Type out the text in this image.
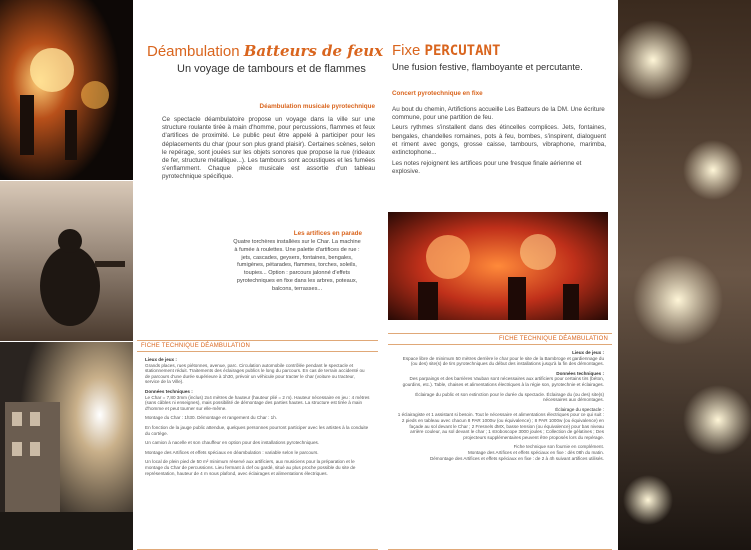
Déambulation Batteurs de feux
Un voyage de tambours et de flammes
Déambulation musicale pyrotechnique
Ce spectacle déambulatoire propose un voyage dans la ville sur une structure roulante tirée à main d'homme, pour percussions, flammes et feux d'artifices de proximité. Le public peut être appelé à participer pour les déplacements du char (pour son plus grand plaisir). Certaines scènes, selon le repérage, sont jouées sur les objets sonores que propose la rue (rideaux de fer, structure métallique...). Les tambours sont acoustiques et les fumées s'enflamment. Chaque pièce musicale est assortie d'un tableau pyrotechnique spécifique.
Les artifices en parade
Quatre torchères installées sur le Char. La machine à fumée à roulettes. Une palette d'artifices de rue : jets, cascades, geysers, fontaines, bengales, fumigènes, pétarades, flammes, torches, soleils, toupies... Option : parcours jalonné d'effets pyrotechniques en fixe dans les arbres, poteaux, balcons, terrasses...
FICHE TECHNIQUE DÉAMBULATION
Lieux de jeux :
Grands places, rues piétonnes, avenue, parc. Circulation automobile contrôlée pendant le spectacle et stationnement réduit. Traitements des éclairages publics le long du parcours. En cas de terrain accidenté ou de parcours d'une durée supérieure à 1h30, prévoir un véhicule pour tracter le char (voiture ou tracteur, service de la Ville).
Données techniques :
Le Char = 7,80 3mm (inclus) 2x4 mètres de hauteur (hauteur plié = 2 m). Hauteur nécessaire en jeu : 4 mètres (sans câbles ni enseignes), mais possibilité de démontage des parties hautes. La structure est tirée à main d'homme et peut tourner sur elle-même.
Montage du Char : 1h30. Démontage et rangement du Char : 1h.
En fonction de la jauge public attendue, quelques personnes pourront participer avec les artistes à la conduite du cortège.
Un camion à nacelle et son chauffeur en option pour des installations pyrotechniques.
Montage des Artifices et effets spéciaux en déambulation : variable selon le parcours.
Un local de plein pied de 50 m² minimum réservé aux artificiers, aux musiciens pour la préparation et le montage du Char de percussions. Lieu fermant à clef ou gardé, situé au plus proche possible du site de représentation, hauteur de 4 m sous plafond, avec éclairages et alimentations électriques.
Fixe PERCUTANT
Une fusion festive, flamboyante et percutante.
Concert pyrotechnique en fixe
Au bout du chemin, Artifictions accueille Les Batteurs de la DM. Une écriture commune, pour une partition de feu.
Leurs rythmes s'installent dans des étincelles complices. Jets, fontaines, bengales, chandelles romaines, pots à feu, bombes, s'inspirent, dialoguent et riment avec gongs, grosse caisse, tambours, vibraphone, marimba, extinctophone...
Les notes rejoignent les artifices pour une fresque finale aérienne et explosive.
FICHE TECHNIQUE DÉAMBULATION
Lieux de jeux :
Espace libre de minimum 50 mètres derrière le char pour le site de la Bambroge et gardiennage du (ou des) site(s) de tirs pyrotechniques du début des installations jusqu'à la fin des démontages.
Données techniques :
Des parpaings et des barrières Vauban sont nécessaires aux artificiers pour certains tirs (béton, gourdins, etc.). Table, chaises et alimentations électriques à la régie son, pyrotechnie et éclairages.
Éclairage du public et son extinction pour le durée du spectacle. Éclairage du (ou des) site(s) nécessaires aux démontages.
Éclairage du spectacle :
1 éclairagiste et 1 assistant si besoin. Tout le nécessaire et alimentations électriques pour ce qui suit : 2 pieds en tableau avec chacun 8 PAR 1000w (ou équivalence) ; 8 PAR 1000w (ou équivalence) en façade au sol devant le Char ; 2 Fresnels dMX, basse tension (ou équivalence) pour bas niveau arrière couleur, au sol devant le char ; 1 stroboscope 3000 joules ; Collection de gélatines ; Des projecteurs supplémentaires peuvent être proposés lors du repérage.
Fiche technique son fournie en complément.
Montage des Artifices et effets spéciaux en fixe : dès 08h du matin.
Démontage des Artifices et effets spéciaux en fixe : de 2 à 4h suivant artifices utilisés.
